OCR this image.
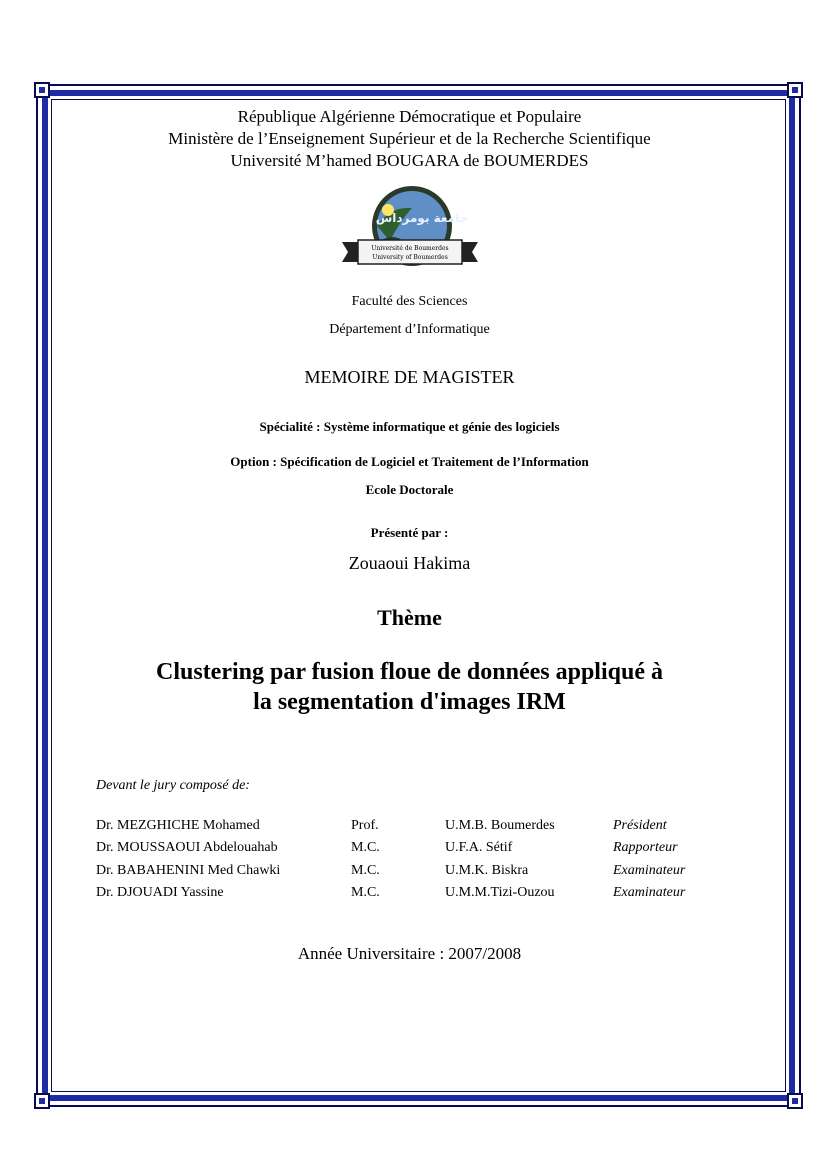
République Algérienne Démocratique et Populaire
Ministère de l’Enseignement Supérieur et de la Recherche Scientifique
Université M’hamed BOUGARA de BOUMERDES
جامعة بومرداس
Université de Boumerdes
University of Boumerdes
Faculté des Sciences
Département d’Informatique
MEMOIRE DE MAGISTER
Spécialité : Système informatique et génie des logiciels
Option : Spécification de Logiciel et Traitement de l’Information
Ecole Doctorale
Présenté par :
Zouaoui Hakima
Thème
Clustering par fusion floue de données appliqué à
la segmentation d'images IRM
Devant le jury composé de:
Dr. MEZGHICHE Mohamed	Prof.	U.M.B. Boumerdes	Président
Dr. MOUSSAOUI Abdelouahab	M.C.	U.F.A. Sétif	Rapporteur
Dr. BABAHENINI Med Chawki	M.C.	U.M.K. Biskra	Examinateur
Dr. DJOUADI Yassine	M.C.	U.M.M.Tizi-Ouzou	Examinateur
Année Universitaire : 2007/2008
